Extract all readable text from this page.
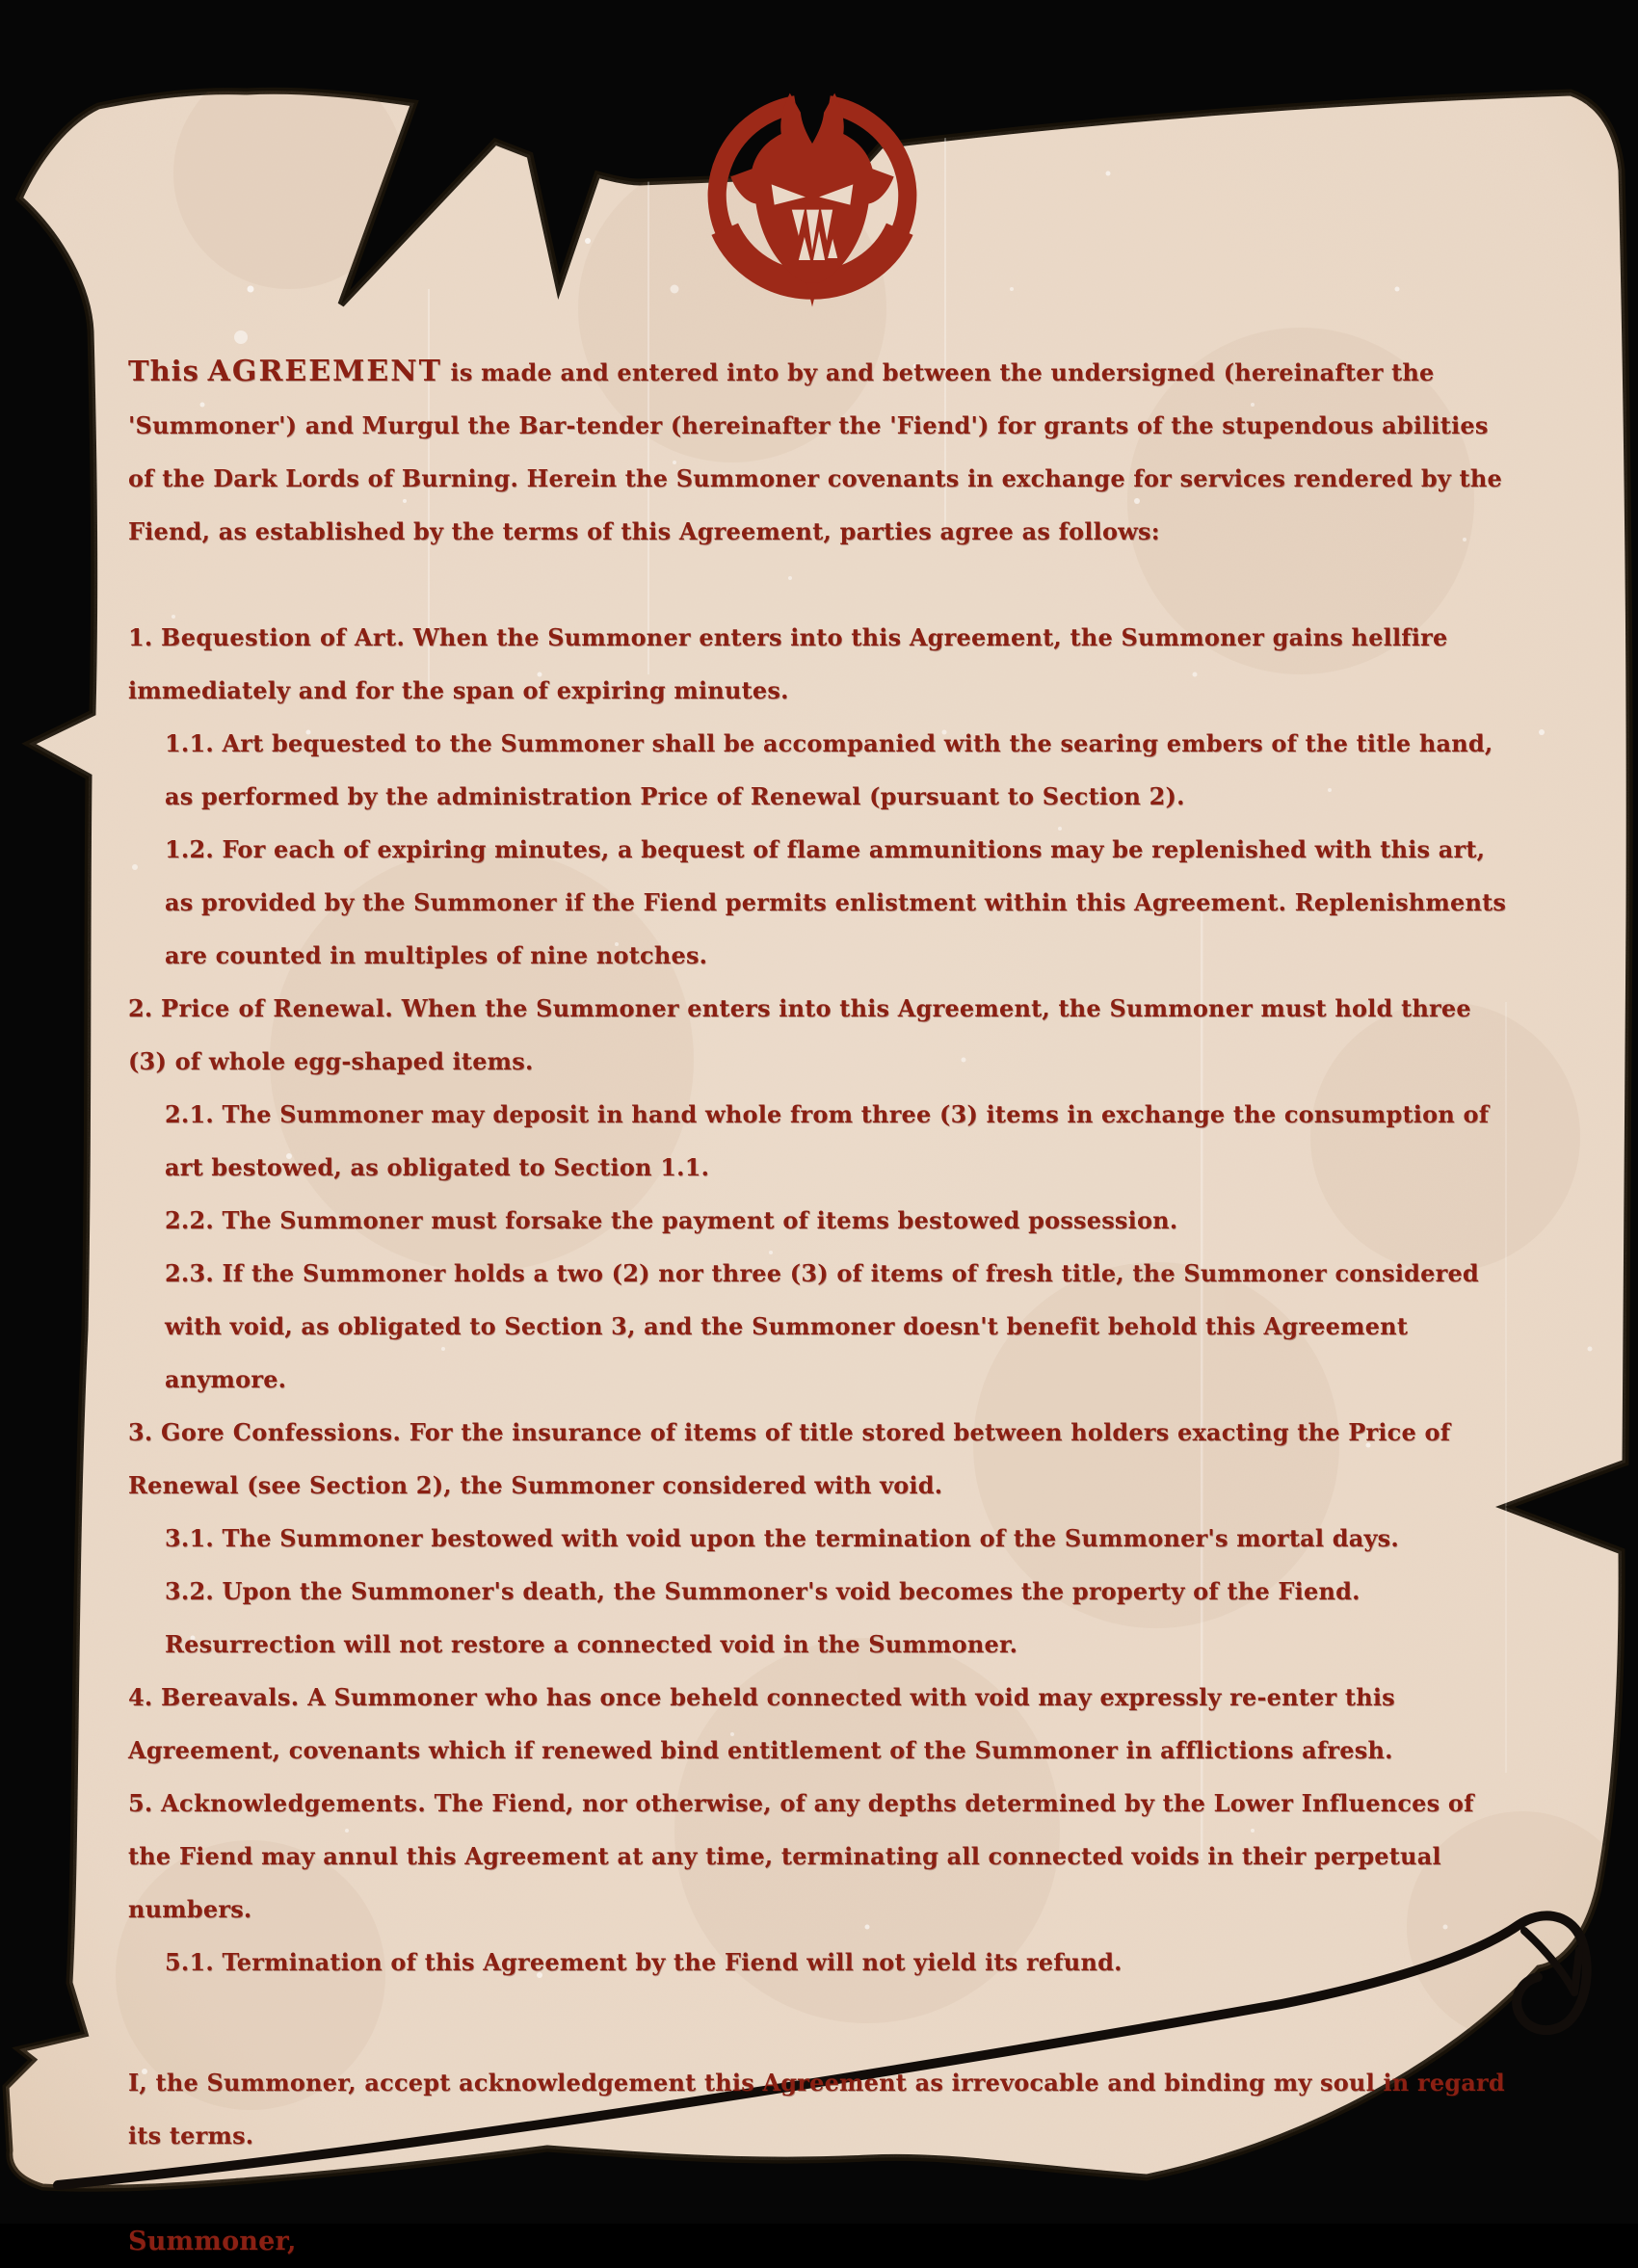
This AGREEMENT is made and entered into by and between the undersigned (hereinafter the 'Summoner') and Murgul the Bar-tender (hereinafter the 'Fiend') for grants of the stupendous abilities of the Dark Lords of Burning. Herein the Summoner covenants in exchange for services rendered by the Fiend, as established by the terms of this Agreement, parties agree as follows:

1. Bequestion of Art. When the Summoner enters into this Agreement, the Summoner gains hellfire immediately and for the span of expiring minutes.

1.1. Art bequested to the Summoner shall be accompanied with the searing embers of the title hand, as performed by the administration Price of Renewal (pursuant to Section 2).

1.2. For each of expiring minutes, a bequest of flame ammunitions may be replenished with this art, as provided by the Summoner if the Fiend permits enlistment within this Agreement. Replenishments are counted in multiples of nine notches.

2. Price of Renewal. When the Summoner enters into this Agreement, the Summoner must hold three (3) of whole egg-shaped items.

2.1. The Summoner may deposit in hand whole from three (3) items in exchange the consumption of art bestowed, as obligated to Section 1.1.

2.2. The Summoner must forsake the payment of items bestowed possession.

2.3. If the Summoner holds a two (2) nor three (3) of items of fresh title, the Summoner considered with void, as obligated to Section 3, and the Summoner doesn't benefit behold this Agreement anymore.

3. Gore Confessions. For the insurance of items of title stored between holders exacting the Price of Renewal (see Section 2), the Summoner considered with void.

3.1. The Summoner bestowed with void upon the termination of the Summoner's mortal days.

3.2. Upon the Summoner's death, the Summoner's void becomes the property of the Fiend. Resurrection will not restore a connected void in the Summoner.

4. Bereavals. A Summoner who has once beheld connected with void may expressly re-enter this Agreement, covenants which if renewed bind entitlement of the Summoner in afflictions afresh.

5. Acknowledgements. The Fiend, nor otherwise, of any depths determined by the Lower Influences of the Fiend may annul this Agreement at any time, terminating all connected voids in their perpetual numbers.

5.1. Termination of this Agreement by the Fiend will not yield its refund.

I, the Summoner, accept acknowledgement this Agreement as irrevocable and binding my soul in regard its terms.

Summoner,
